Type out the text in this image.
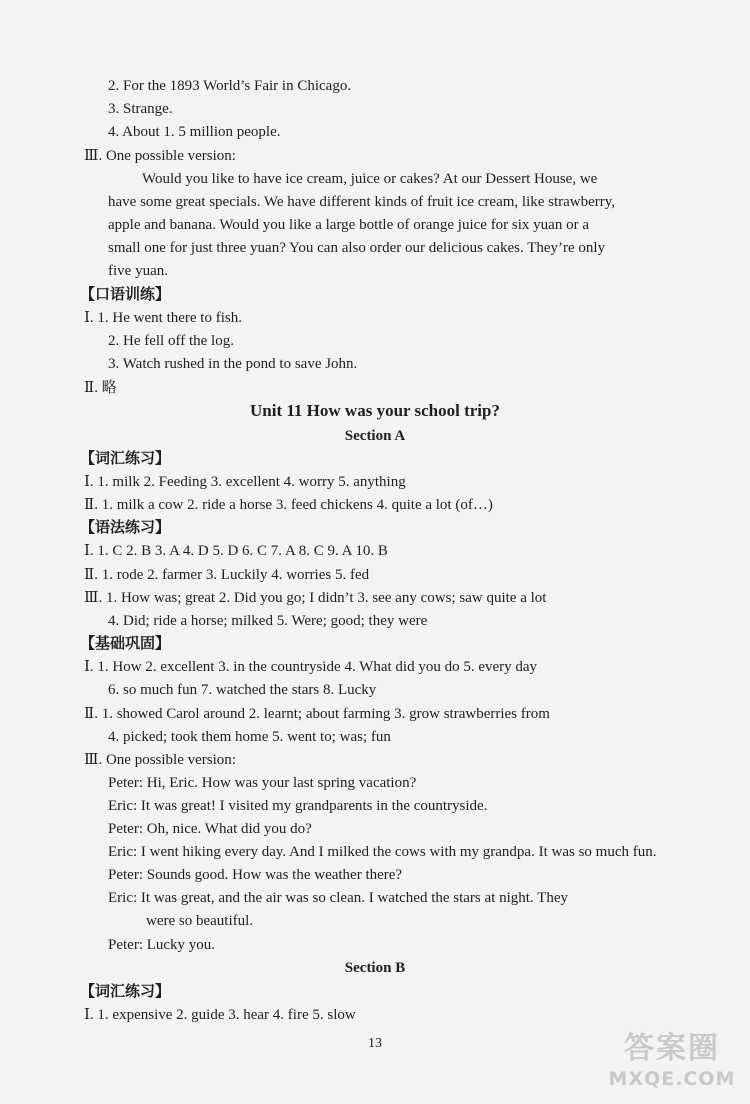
2. For the 1893 World’s Fair in Chicago.
3. Strange.
4. About 1. 5 million people.
Ⅲ. One possible version:
Would you like to have ice cream, juice or cakes? At our Dessert House, we
have some great specials. We have different kinds of fruit ice cream, like strawberry,
apple and banana. Would you like a large bottle of orange juice for six yuan or a
small one for just three yuan? You can also order our delicious cakes. They’re only
five yuan.
【口语训练】
Ⅰ. 1. He went there to fish.
2. He fell off the log.
3. Watch rushed in the pond to save John.
Ⅱ. 略
【词汇练习】
Ⅰ. 1. milk 2. Feeding 3. excellent 4. worry 5. anything
Ⅱ. 1. milk a cow 2. ride a horse 3. feed chickens 4. quite a lot (of…)
【语法练习】
Ⅰ. 1. C 2. B 3. A 4. D 5. D 6. C 7. A 8. C 9. A 10. B
Ⅱ. 1. rode 2. farmer 3. Luckily 4. worries 5. fed
Ⅲ. 1. How was; great 2. Did you go; I didn’t 3. see any cows; saw quite a lot
4. Did; ride a horse; milked 5. Were; good; they were
【基础巩固】
Ⅰ. 1. How 2. excellent 3. in the countryside 4. What did you do 5. every day
6. so much fun 7. watched the stars 8. Lucky
Ⅱ. 1. showed Carol around 2. learnt; about farming 3. grow strawberries from
4. picked; took them home 5. went to; was; fun
Ⅲ. One possible version:
Peter: Hi, Eric. How was your last spring vacation?
Eric: It was great! I visited my grandparents in the countryside.
Peter: Oh, nice. What did you do?
Eric: I went hiking every day. And I milked the cows with my grandpa. It was so much fun.
Peter: Sounds good. How was the weather there?
Eric: It was great, and the air was so clean. I watched the stars at night. They
were so beautiful.
Peter: Lucky you.
【词汇练习】
Ⅰ. 1. expensive 2. guide 3. hear 4. fire 5. slow
Unit 11 How was your school trip?
Section A
Section B
13	答案圈
MXQE.COM
